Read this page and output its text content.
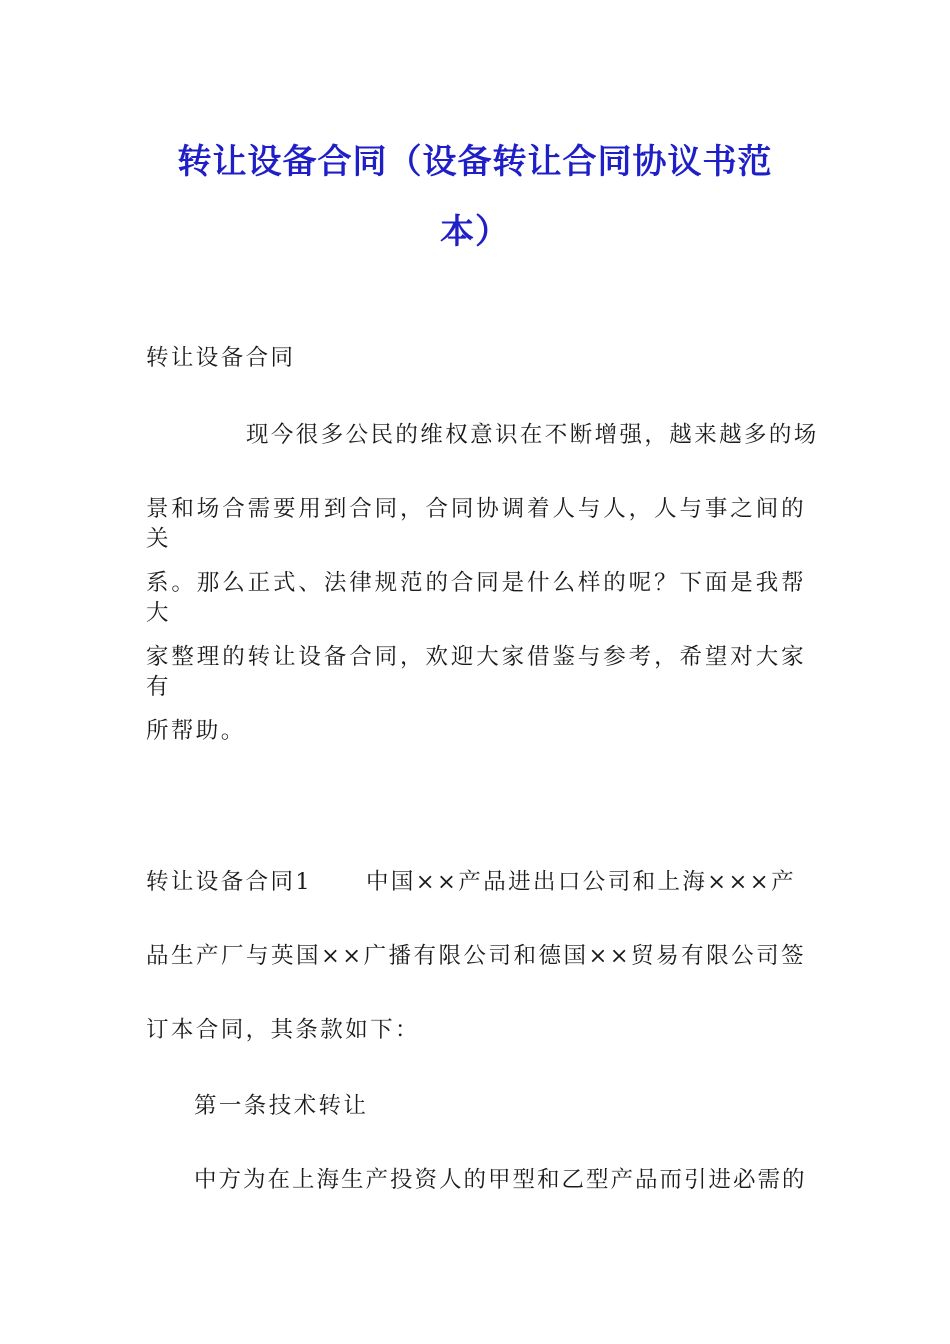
转让设备合同（设备转让合同协议书范
本）
转让设备合同
现今很多公民的维权意识在不断增强，越来越多的场
景和场合需要用到合同，合同协调着人与人，人与事之间的关
系。那么正式、法律规范的合同是什么样的呢？下面是我帮大
家整理的转让设备合同，欢迎大家借鉴与参考，希望对大家有
所帮助。
转让设备合同1	中国××产品进出口公司和上海×××产
品生产厂与英国××广播有限公司和德国××贸易有限公司签
订本合同，其条款如下：
第一条技术转让
中方为在上海生产投资人的甲型和乙型产品而引进必需的
